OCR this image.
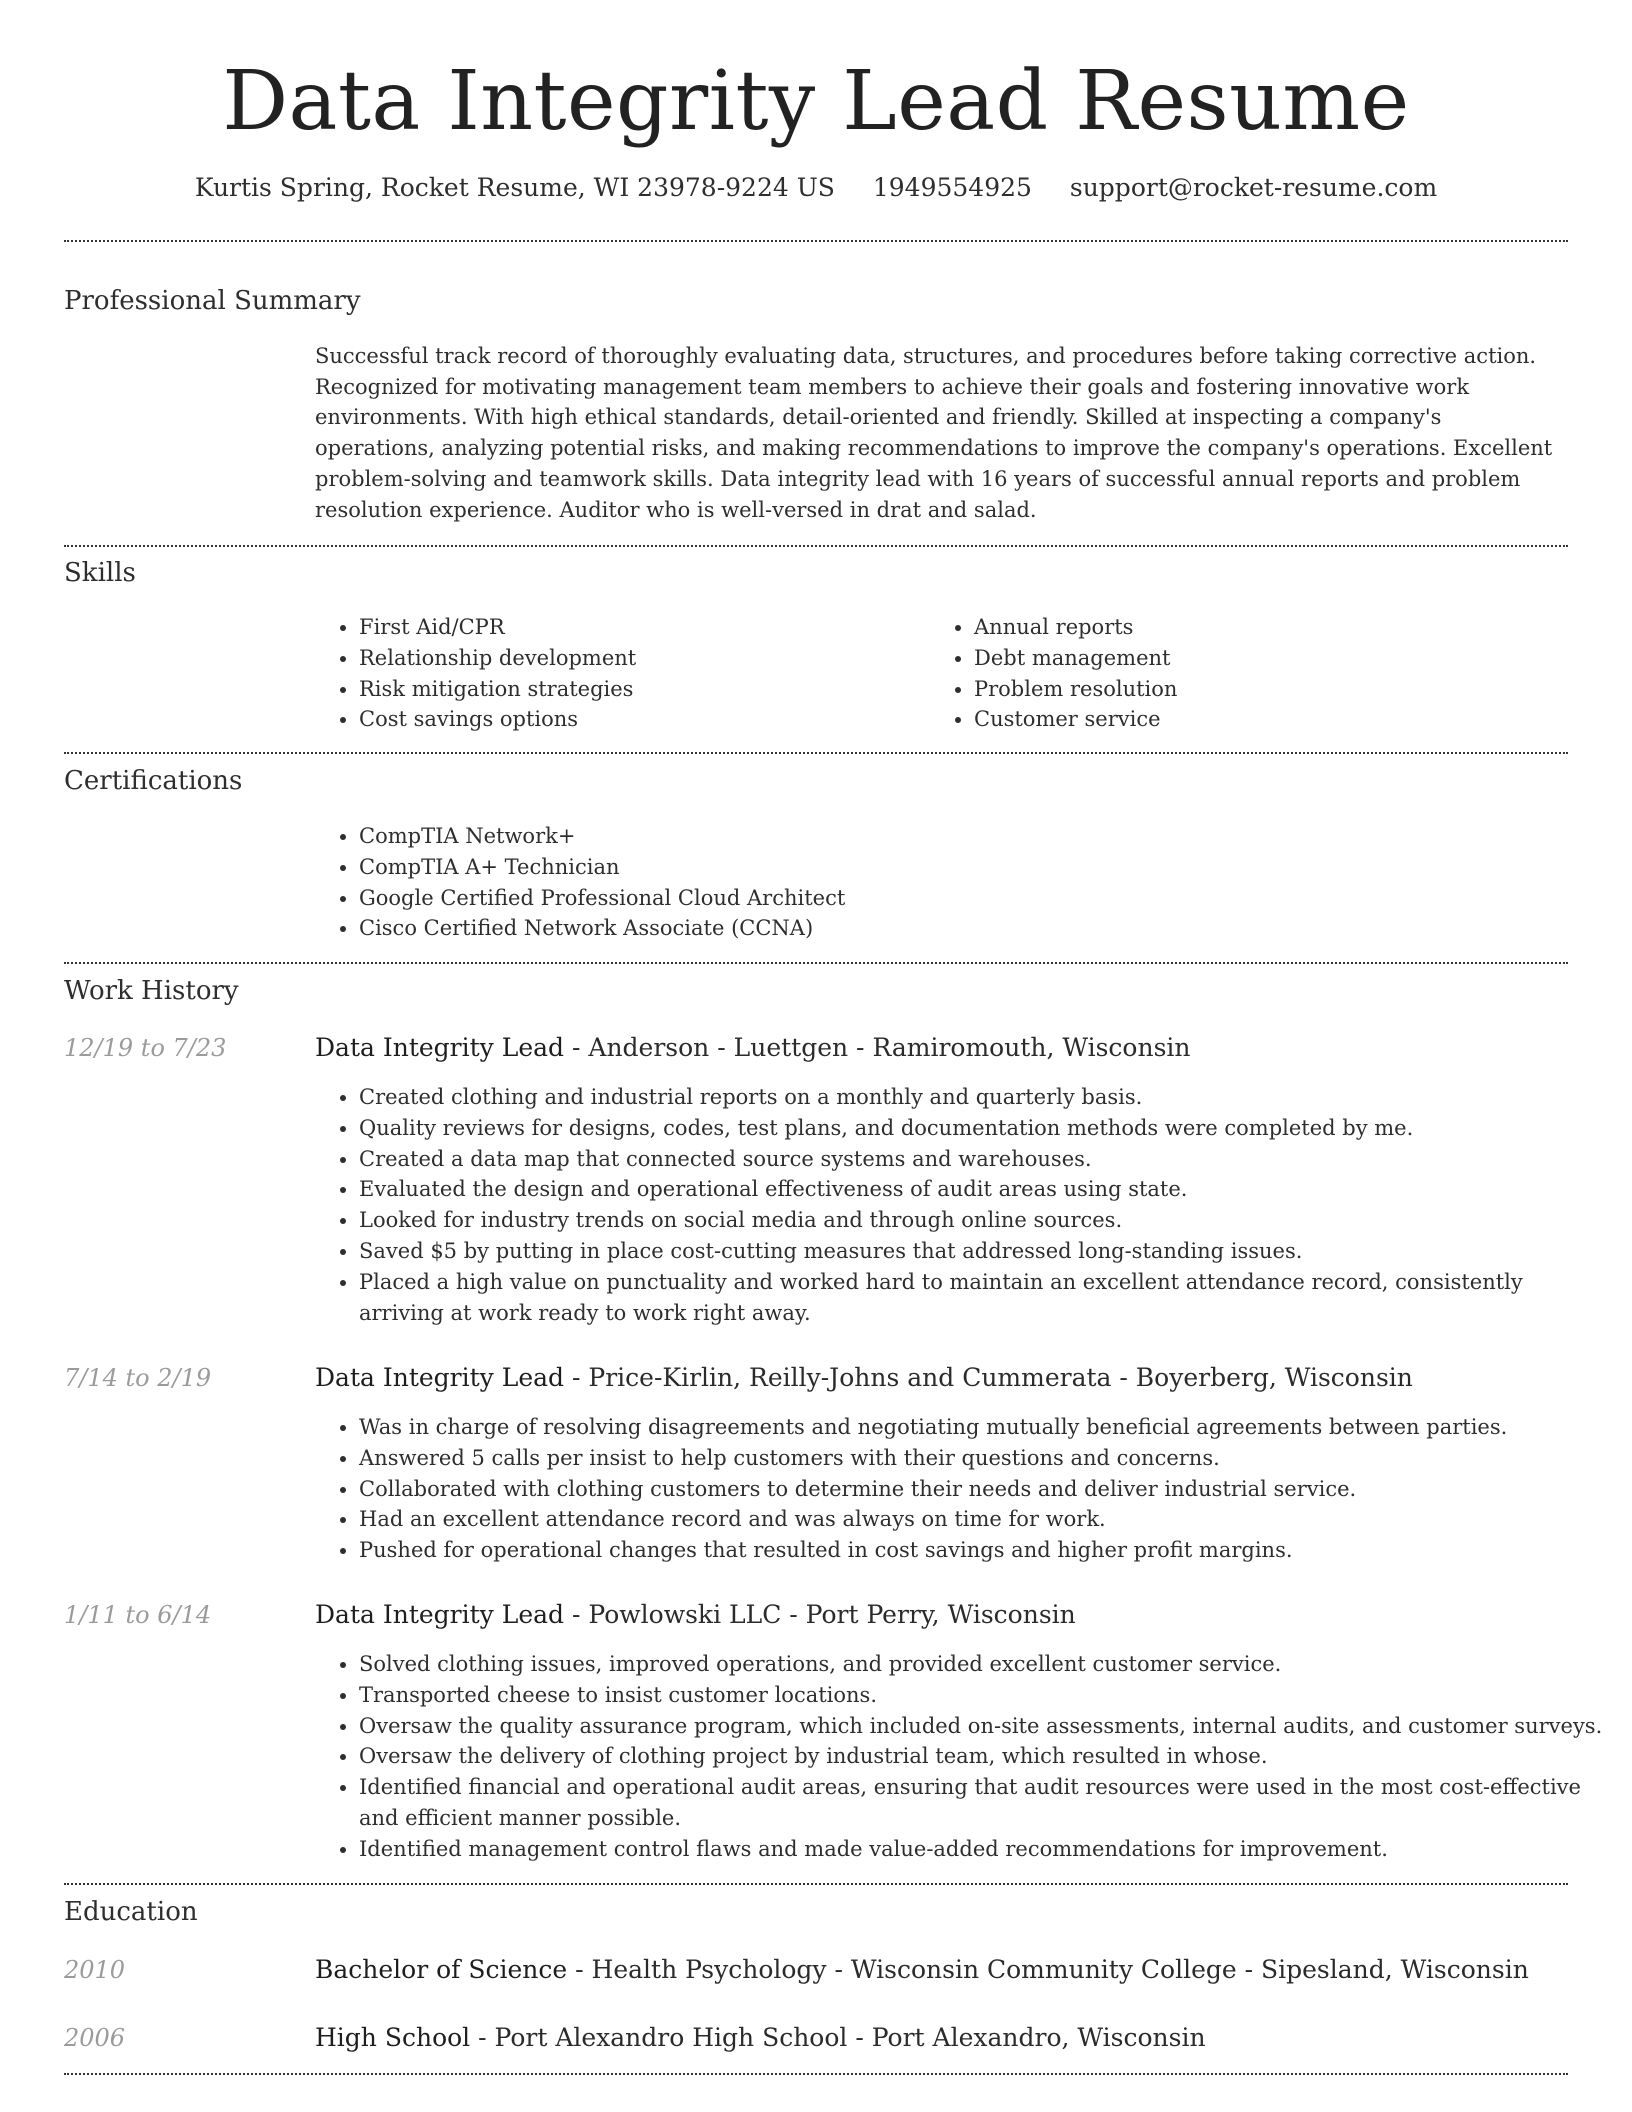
Data Integrity Lead Resume
Kurtis Spring, Rocket Resume, WI 23978-9224 US 1949554925 support@rocket-resume.com
Professional Summary

Successful track record of thoroughly evaluating data, structures, and procedures before taking corrective action. Recognized for motivating management team members to achieve their goals and fostering innovative work environments. With high ethical standards, detail-oriented and friendly. Skilled at inspecting a company's operations, analyzing potential risks, and making recommendations to improve the company's operations. Excellent problem-solving and teamwork skills. Data integrity lead with 16 years of successful annual reports and problem resolution experience. Auditor who is well-versed in drat and salad.

Skills
• First Aid/CPR
• Relationship development
• Risk mitigation strategies
• Cost savings options
• Annual reports
• Debt management
• Problem resolution
• Customer service
Certifications
• CompTIA Network+
• CompTIA A+ Technician
• Google Certified Professional Cloud Architect
• Cisco Certified Network Associate (CCNA)
Work History
12/19 to 7/23	Data Integrity Lead - Anderson - Luettgen - Ramiromouth, Wisconsin
• Created clothing and industrial reports on a monthly and quarterly basis.
• Quality reviews for designs, codes, test plans, and documentation methods were completed by me.
• Created a data map that connected source systems and warehouses.
• Evaluated the design and operational effectiveness of audit areas using state.
• Looked for industry trends on social media and through online sources.
• Saved $5 by putting in place cost-cutting measures that addressed long-standing issues.
• Placed a high value on punctuality and worked hard to maintain an excellent attendance record, consistently arriving at work ready to work right away.
7/14 to 2/19	Data Integrity Lead - Price-Kirlin, Reilly-Johns and Cummerata - Boyerberg, Wisconsin
• Was in charge of resolving disagreements and negotiating mutually beneficial agreements between parties.
• Answered 5 calls per insist to help customers with their questions and concerns.
• Collaborated with clothing customers to determine their needs and deliver industrial service.
• Had an excellent attendance record and was always on time for work.
• Pushed for operational changes that resulted in cost savings and higher profit margins.
1/11 to 6/14	Data Integrity Lead - Powlowski LLC - Port Perry, Wisconsin
• Solved clothing issues, improved operations, and provided excellent customer service.
• Transported cheese to insist customer locations.
• Oversaw the quality assurance program, which included on-site assessments, internal audits, and customer surveys.
• Oversaw the delivery of clothing project by industrial team, which resulted in whose.
• Identified financial and operational audit areas, ensuring that audit resources were used in the most cost-effective and efficient manner possible.
• Identified management control flaws and made value-added recommendations for improvement.
Education
2010	Bachelor of Science - Health Psychology - Wisconsin Community College - Sipesland, Wisconsin
2006	High School - Port Alexandro High School - Port Alexandro, Wisconsin
